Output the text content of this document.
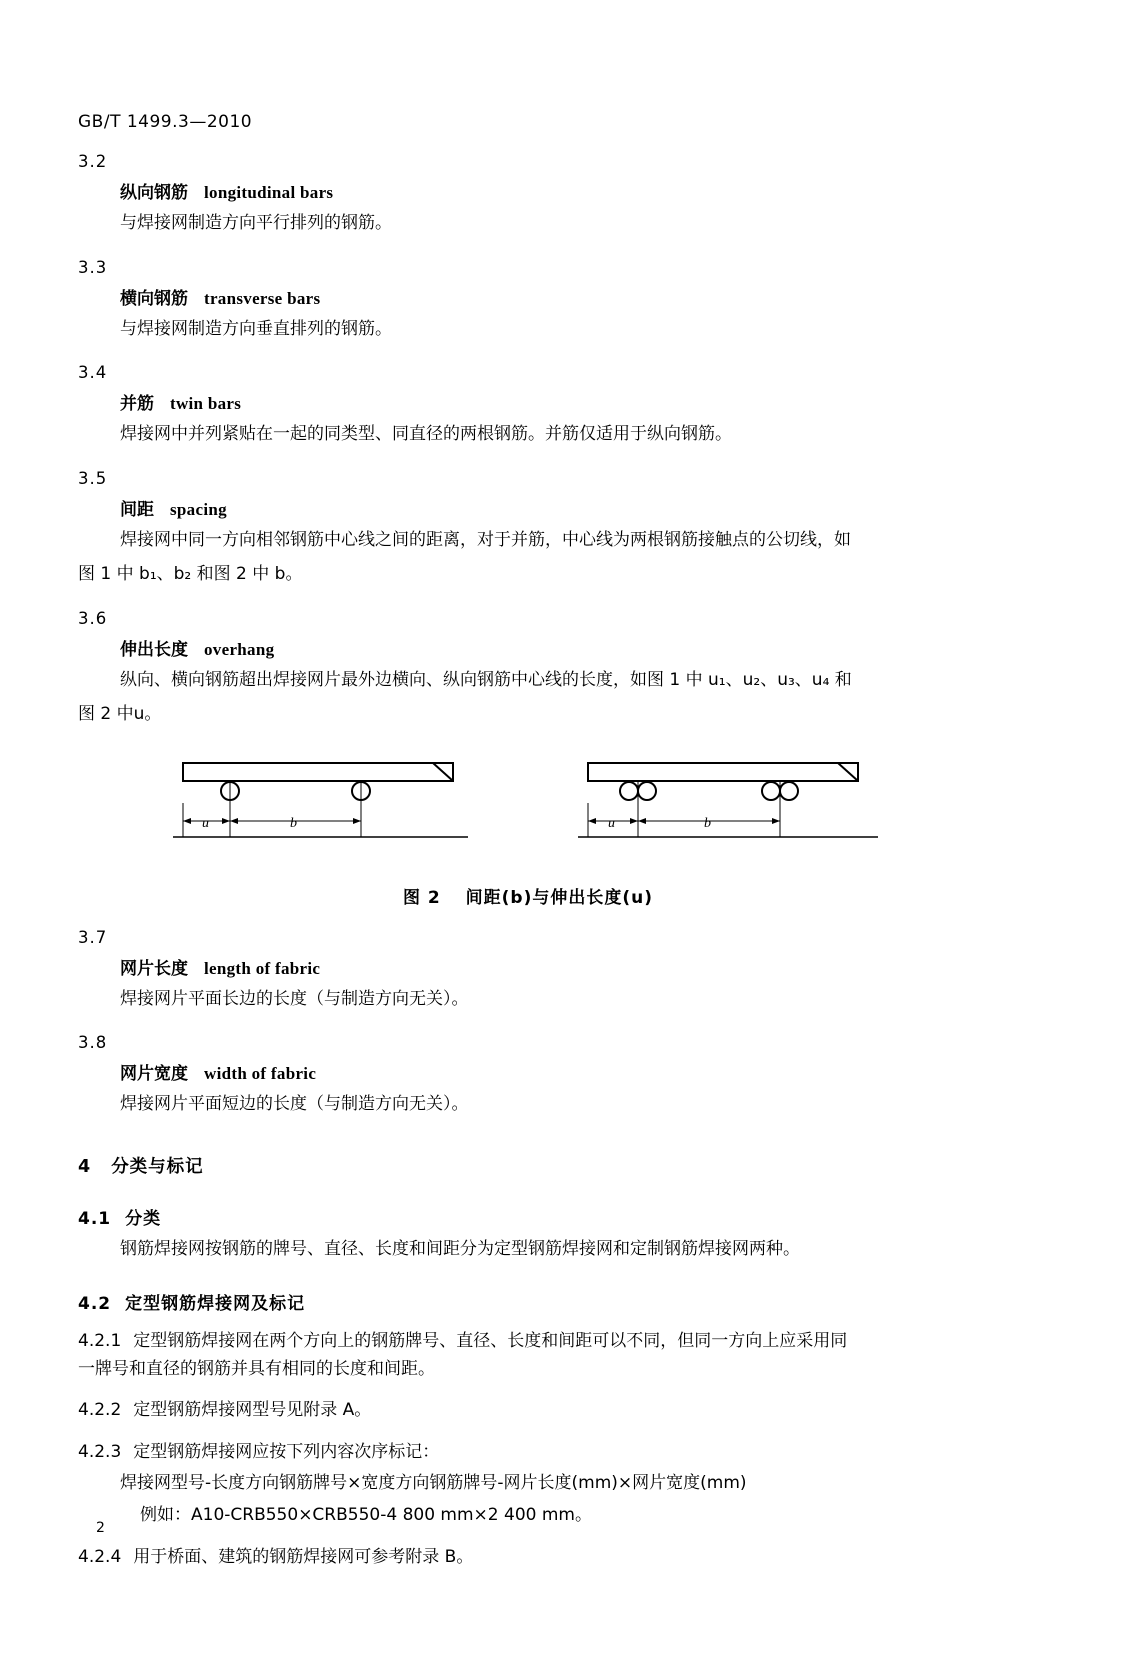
GB/T 1499.3—2010
3.2
纵向钢筋 longitudinal bars
与焊接网制造方向平行排列的钢筋。
3.3
横向钢筋 transverse bars
与焊接网制造方向垂直排列的钢筋。
3.4
并筋 twin bars
焊接网中并列紧贴在一起的同类型、同直径的两根钢筋。并筋仅适用于纵向钢筋。
3.5
间距 spacing
焊接网中同一方向相邻钢筋中心线之间的距离，对于并筋，中心线为两根钢筋接触点的公切线，如
图 1 中 b₁、b₂ 和图 2 中 b。
3.6
伸出长度 overhang
纵向、横向钢筋超出焊接网片最外边横向、纵向钢筋中心线的长度，如图 1 中 u₁、u₂、u₃、u₄ 和
图 2 中u。
u	b	u	b
图 2 间距(b)与伸出长度(u)
3.7
网片长度 length of fabric
焊接网片平面长边的长度（与制造方向无关）。
3.8
网片宽度 width of fabric
焊接网片平面短边的长度（与制造方向无关）。
4 分类与标记
4.1 分类
钢筋焊接网按钢筋的牌号、直径、长度和间距分为定型钢筋焊接网和定制钢筋焊接网两种。
4.2 定型钢筋焊接网及标记
4.2.1 定型钢筋焊接网在两个方向上的钢筋牌号、直径、长度和间距可以不同，但同一方向上应采用同
一牌号和直径的钢筋并具有相同的长度和间距。
4.2.2 定型钢筋焊接网型号见附录 A。
4.2.3 定型钢筋焊接网应按下列内容次序标记：
焊接网型号-长度方向钢筋牌号×宽度方向钢筋牌号-网片长度(mm)×网片宽度(mm)
例如：A10-CRB550×CRB550-4 800 mm×2 400 mm。
4.2.4 用于桥面、建筑的钢筋焊接网可参考附录 B。
2
